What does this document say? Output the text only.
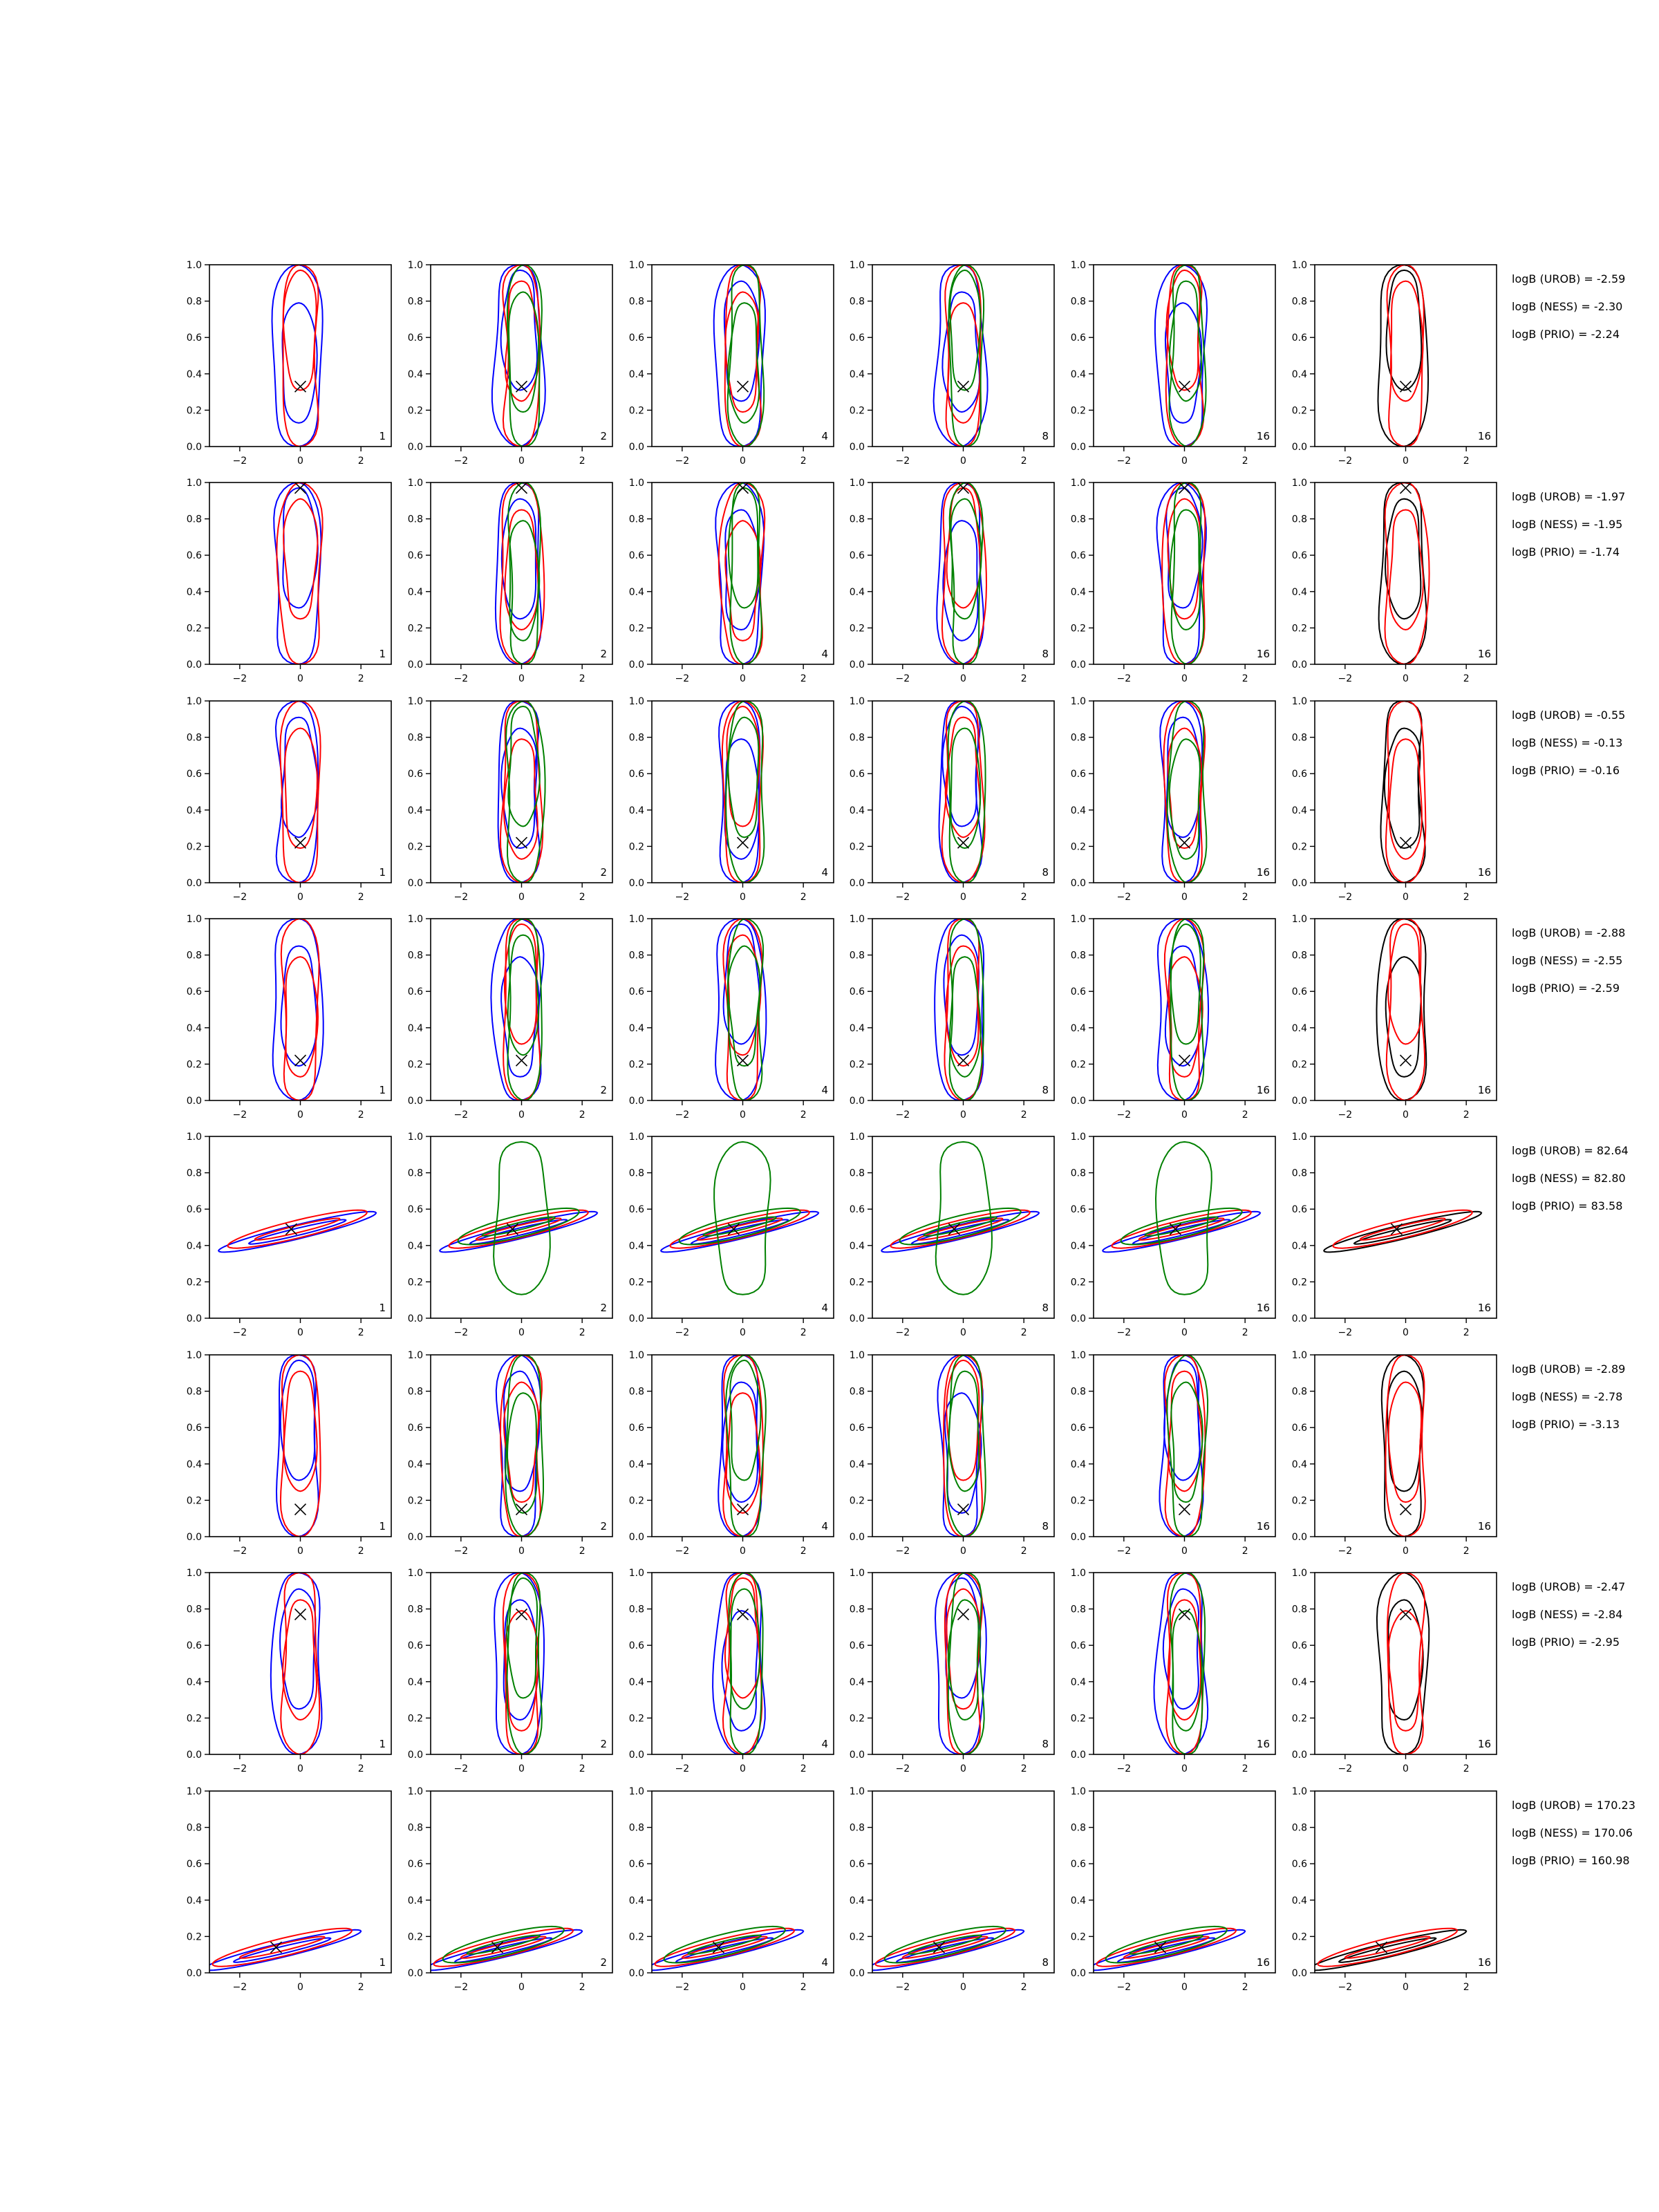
−2	0	2
0.0
0.2
0.4
0.6
0.8
1.0
1
−2	0	2
0.0
0.2
0.4
0.6
0.8
1.0
2
−2	0	2
0.0
0.2
0.4
0.6
0.8
1.0
4
−2	0	2
0.0
0.2
0.4
0.6
0.8
1.0
8
−2	0	2
0.0
0.2
0.4
0.6
0.8
1.0
16
−2	0	2
0.0
0.2
0.4
0.6
0.8
1.0
16
logB (UROB) = -2.59
logB (NESS) = -2.30
logB (PRIO) = -2.24
−2	0	2
0.0
0.2
0.4
0.6
0.8
1.0
1
−2	0	2
0.0
0.2
0.4
0.6
0.8
1.0
2
−2	0	2
0.0
0.2
0.4
0.6
0.8
1.0
4
−2	0	2
0.0
0.2
0.4
0.6
0.8
1.0
8
−2	0	2
0.0
0.2
0.4
0.6
0.8
1.0
16
−2	0	2
0.0
0.2
0.4
0.6
0.8
1.0
16
logB (UROB) = -1.97
logB (NESS) = -1.95
logB (PRIO) = -1.74
−2	0	2
0.0
0.2
0.4
0.6
0.8
1.0
1
−2	0	2
0.0
0.2
0.4
0.6
0.8
1.0
2
−2	0	2
0.0
0.2
0.4
0.6
0.8
1.0
4
−2	0	2
0.0
0.2
0.4
0.6
0.8
1.0
8
−2	0	2
0.0
0.2
0.4
0.6
0.8
1.0
16
−2	0	2
0.0
0.2
0.4
0.6
0.8
1.0
16
logB (UROB) = -0.55
logB (NESS) = -0.13
logB (PRIO) = -0.16
−2	0	2
0.0
0.2
0.4
0.6
0.8
1.0
1
−2	0	2
0.0
0.2
0.4
0.6
0.8
1.0
2
−2	0	2
0.0
0.2
0.4
0.6
0.8
1.0
4
−2	0	2
0.0
0.2
0.4
0.6
0.8
1.0
8
−2	0	2
0.0
0.2
0.4
0.6
0.8
1.0
16
−2	0	2
0.0
0.2
0.4
0.6
0.8
1.0
16
logB (UROB) = -2.88
logB (NESS) = -2.55
logB (PRIO) = -2.59
−2	0	2
0.0
0.2
0.4
0.6
0.8
1.0
1
−2	0	2
0.0
0.2
0.4
0.6
0.8
1.0
2
−2	0	2
0.0
0.2
0.4
0.6
0.8
1.0
4
−2	0	2
0.0
0.2
0.4
0.6
0.8
1.0
8
−2	0	2
0.0
0.2
0.4
0.6
0.8
1.0
16
−2	0	2
0.0
0.2
0.4
0.6
0.8
1.0
16
logB (UROB) = 82.64
logB (NESS) = 82.80
logB (PRIO) = 83.58
−2	0	2
0.0
0.2
0.4
0.6
0.8
1.0
1
−2	0	2
0.0
0.2
0.4
0.6
0.8
1.0
2
−2	0	2
0.0
0.2
0.4
0.6
0.8
1.0
4
−2	0	2
0.0
0.2
0.4
0.6
0.8
1.0
8
−2	0	2
0.0
0.2
0.4
0.6
0.8
1.0
16
−2	0	2
0.0
0.2
0.4
0.6
0.8
1.0
16
logB (UROB) = -2.89
logB (NESS) = -2.78
logB (PRIO) = -3.13
−2	0	2
0.0
0.2
0.4
0.6
0.8
1.0
1
−2	0	2
0.0
0.2
0.4
0.6
0.8
1.0
2
−2	0	2
0.0
0.2
0.4
0.6
0.8
1.0
4
−2	0	2
0.0
0.2
0.4
0.6
0.8
1.0
8
−2	0	2
0.0
0.2
0.4
0.6
0.8
1.0
16
−2	0	2
0.0
0.2
0.4
0.6
0.8
1.0
16
logB (UROB) = -2.47
logB (NESS) = -2.84
logB (PRIO) = -2.95
−2	0	2
0.0
0.2
0.4
0.6
0.8
1.0
1
−2	0	2
0.0
0.2
0.4
0.6
0.8
1.0
2
−2	0	2
0.0
0.2
0.4
0.6
0.8
1.0
4
−2	0	2
0.0
0.2
0.4
0.6
0.8
1.0
8
−2	0	2
0.0
0.2
0.4
0.6
0.8
1.0
16
−2	0	2
0.0
0.2
0.4
0.6
0.8
1.0
16
logB (UROB) = 170.23
logB (NESS) = 170.06
logB (PRIO) = 160.98
